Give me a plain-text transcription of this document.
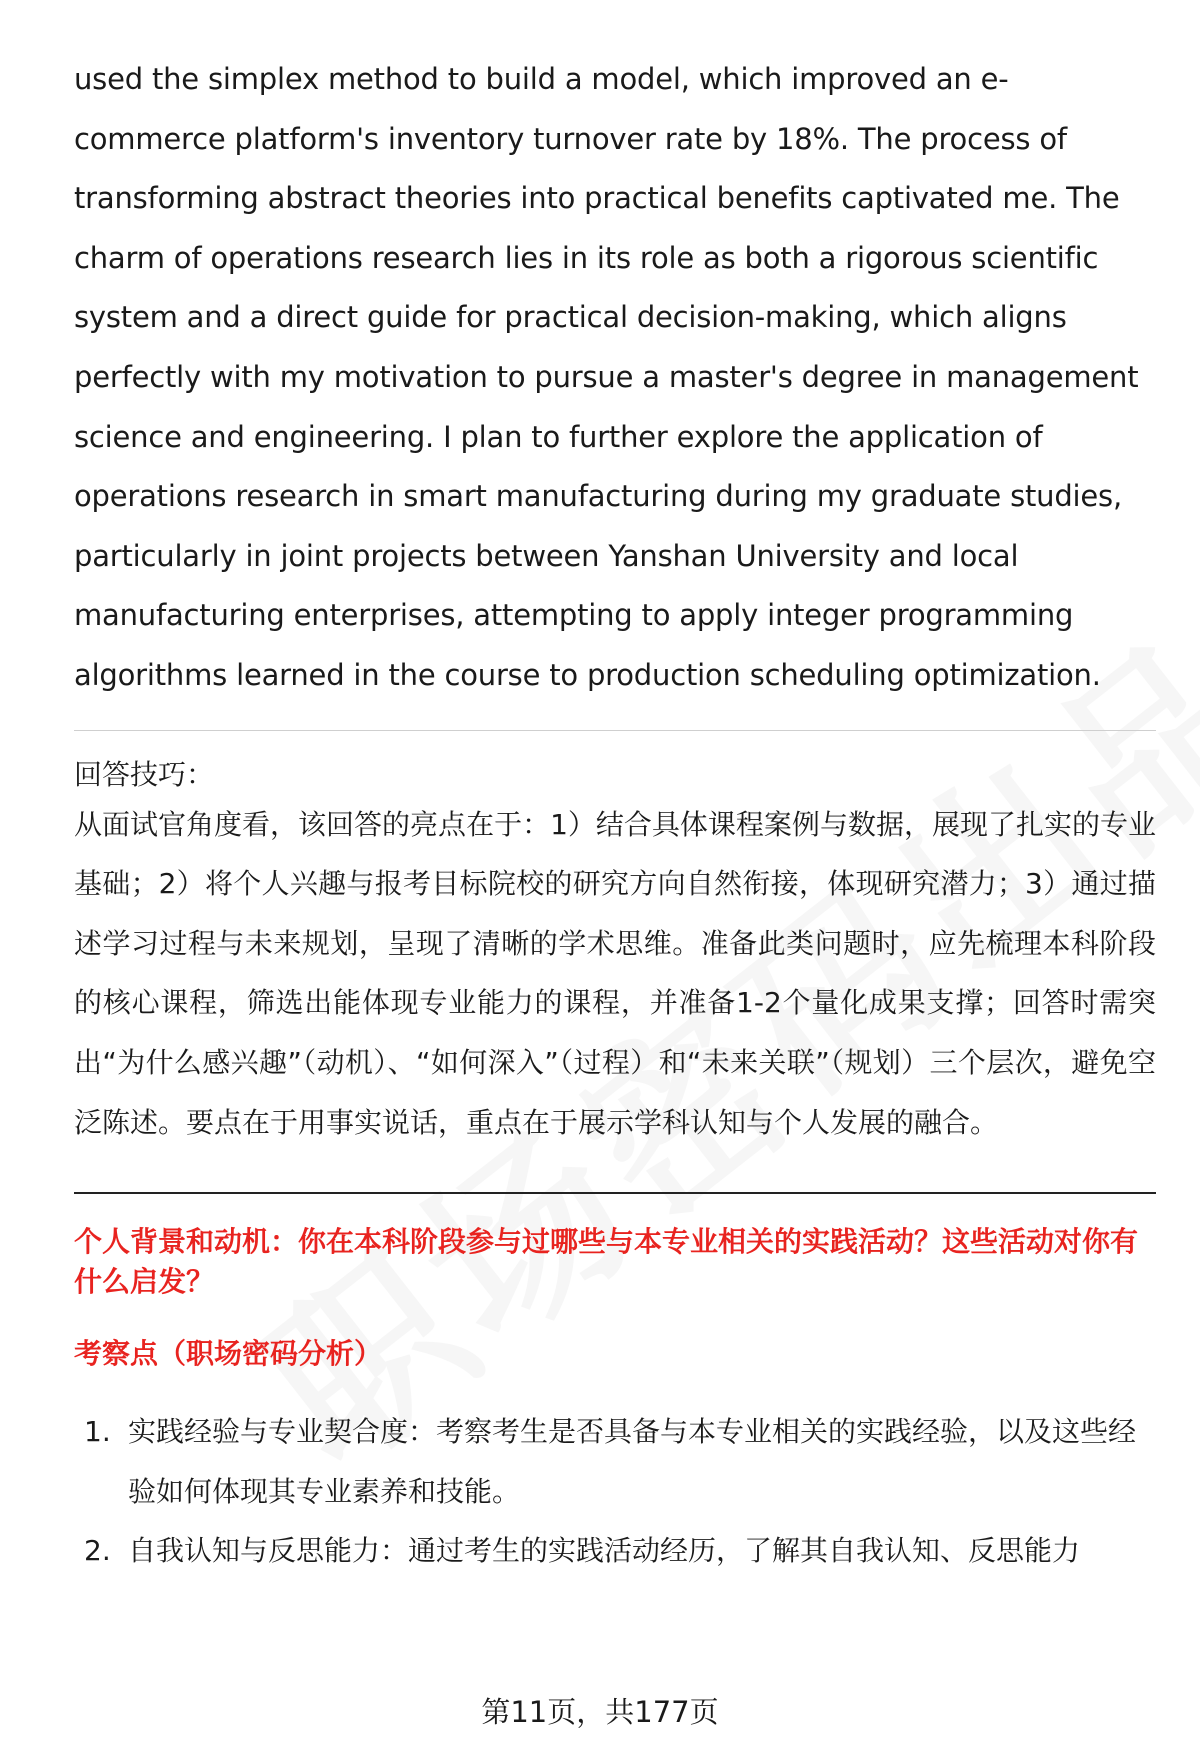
used the simplex method to build a model, which improved an e-commerce platform's inventory turnover rate by 18%. The process of transforming abstract theories into practical benefits captivated me. The charm of operations research lies in its role as both a rigorous scientific system and a direct guide for practical decision-making, which aligns perfectly with my motivation to pursue a master's degree in management science and engineering. I plan to further explore the application of operations research in smart manufacturing during my graduate studies, particularly in joint projects between Yanshan University and local manufacturing enterprises, attempting to apply integer programming algorithms learned in the course to production scheduling optimization.

回答技巧：

从面试官角度看，该回答的亮点在于：1）结合具体课程案例与数据，展现了扎实的专业基础；2）将个人兴趣与报考目标院校的研究方向自然衔接，体现研究潜力；3）通过描述学习过程与未来规划，呈现了清晰的学术思维。准备此类问题时，应先梳理本科阶段的核心课程，筛选出能体现专业能力的课程，并准备1-2个量化成果支撑；回答时需突出“为什么感兴趣”（动机）、“如何深入”（过程）和“未来关联”（规划）三个层次，避免空泛陈述。要点在于用事实说话，重点在于展示学科认知与个人发展的融合。

个人背景和动机：你在本科阶段参与过哪些与本专业相关的实践活动？这些活动对你有什么启发？

考察点（职场密码分析）

1. 实践经验与专业契合度：考察考生是否具备与本专业相关的实践经验，以及这些经验如何体现其专业素养和技能。
2. 自我认知与反思能力：通过考生的实践活动经历，了解其自我认知、反思能力
第11页，共177页
